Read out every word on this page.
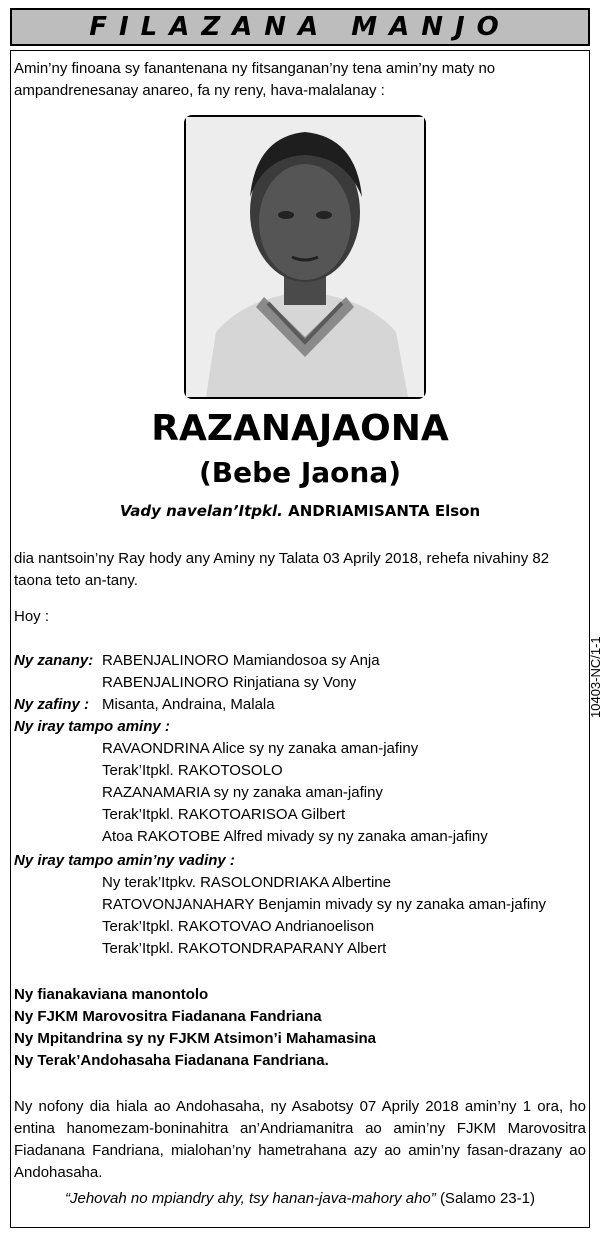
FILAZANA MANJO
Amin’ny finoana sy fanantenana ny fitsanganan’ny tena amin’ny maty no ampandrenesanay anareo, fa ny reny, hava-malalanay :
RAZANAJAONA
(Bebe Jaona)
Vady navelan’Itpkl. ANDRIAMISANTA Elson
dia nantsoin’ny Ray hody any Aminy ny Talata 03 Aprily 2018, rehefa nivahiny 82 taona teto an-tany.
Hoy :
10403-NC/1-1
Ny zanany: RABENJALINORO Mamiandosoa sy Anja
RABENJALINORO Rinjatiana sy Vony
Ny zafiny : Misanta, Andraina, Malala
Ny iray tampo aminy :
RAVAONDRINA Alice sy ny zanaka aman-jafiny
Terak’Itpkl. RAKOTOSOLO
RAZANAMARIA sy ny zanaka aman-jafiny
Terak’Itpkl. RAKOTOARISOA Gilbert
Atoa RAKOTOBE Alfred mivady sy ny zanaka aman-jafiny
Ny iray tampo amin’ny vadiny :
Ny terak’Itpkv. RASOLONDRIAKA Albertine
RATOVONJANAHARY Benjamin mivady sy ny zanaka aman-jafiny
Terak’Itpkl. RAKOTOVAO Andrianoelison
Terak’Itpkl. RAKOTONDRAPARANY Albert
Ny fianakaviana manontolo
Ny FJKM Marovositra Fiadanana Fandriana
Ny Mpitandrina sy ny FJKM Atsimon’i Mahamasina
Ny Terak’Andohasaha Fiadanana Fandriana.
Ny nofony dia hiala ao Andohasaha, ny Asabotsy 07 Aprily 2018 amin’ny 1 ora, ho entina hanomezam-boninahitra an’Andriamanitra ao amin’ny FJKM Marovositra Fiadanana Fandriana, mialohan’ny hametrahana azy ao amin’ny fasan-drazany ao Andohasaha.
“Jehovah no mpiandry ahy, tsy hanan-java-mahory aho” (Salamo 23-1)
